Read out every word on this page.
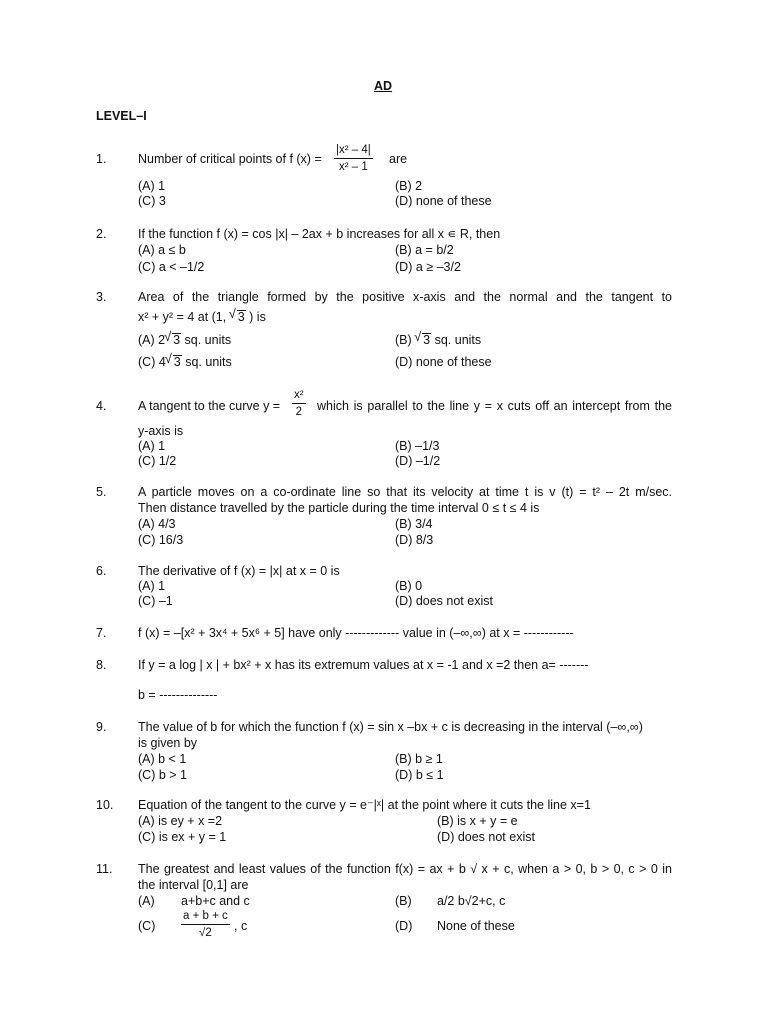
AD
LEVEL–I
1.	Number of critical points of f $(x) = \frac{\text{|x² – 4|}}{\text{x² – 1}}$ are
(A) 1	(B) 2
(C) 3	(D) none of these
2.	If the function f (x) = cos |x| – 2ax + b increases for all x ∊ R, then
(A) a ≤ b	(B) a = b/2
(C) a < –1/2	(D) a ≥ –3/2
3.	Area of the triangle formed by the positive x-axis and the normal and the tangent to
x² + y² = 4 at (1, √ 3 ) is
(A) 2 √ 3 sq. units	(B) √ 3 sq. units
(C) 4 √ 3 sq. units	(D) none of these
4.	A tangent to the curve $y = \frac{\text{x²}}{2}$ which is parallel to the line y = x cuts off an intercept from the
y-axis is
(A) 1	(B) –1/3
(C) 1/2	(D) –1/2
5.	A particle moves on a co-ordinate line so that its velocity at time t is v (t) = t² – 2t m/sec.
Then distance travelled by the particle during the time interval 0 ≤ t ≤ 4 is
(A) 4/3	(B) 3/4
(C) 16/3	(D) 8/3
6.	The derivative of f (x) = |x| at x = 0 is
(A) 1	(B) 0
(C) –1	(D) does not exist
7.	f (x) = –[x² + 3x⁴ + 5x⁶ + 5] have only ------------- value in (–∞,∞) at x = ------------
8.	If y = a log | x | + bx² + x has its extremum values at x = -1 and x =2 then a= -------
b = --------------
9.	The value of b for which the function f (x) = sin x –bx + c is decreasing in the interval (–∞,∞)
is given by
(A) b < 1	(B) b ≥ 1
(C) b > 1	(D) b ≤ 1
10. Equation of the tangent to the curve y = e⁻|ˣ| at the point where it cuts the line x=1
(A) is ey + x =2	(B) is x + y = e
(C) is ex + y = 1	(D) does not exist
11. The greatest and least values of the function f(x) = ax + b √ x + c, when a > 0, b > 0, c > 0 in
the interval [0,1] are
(A) a+b+c and c	(B) a/2 b√2+c, c
$(C) \frac{a + b + c}{√2}$ , c	(D) None of these
